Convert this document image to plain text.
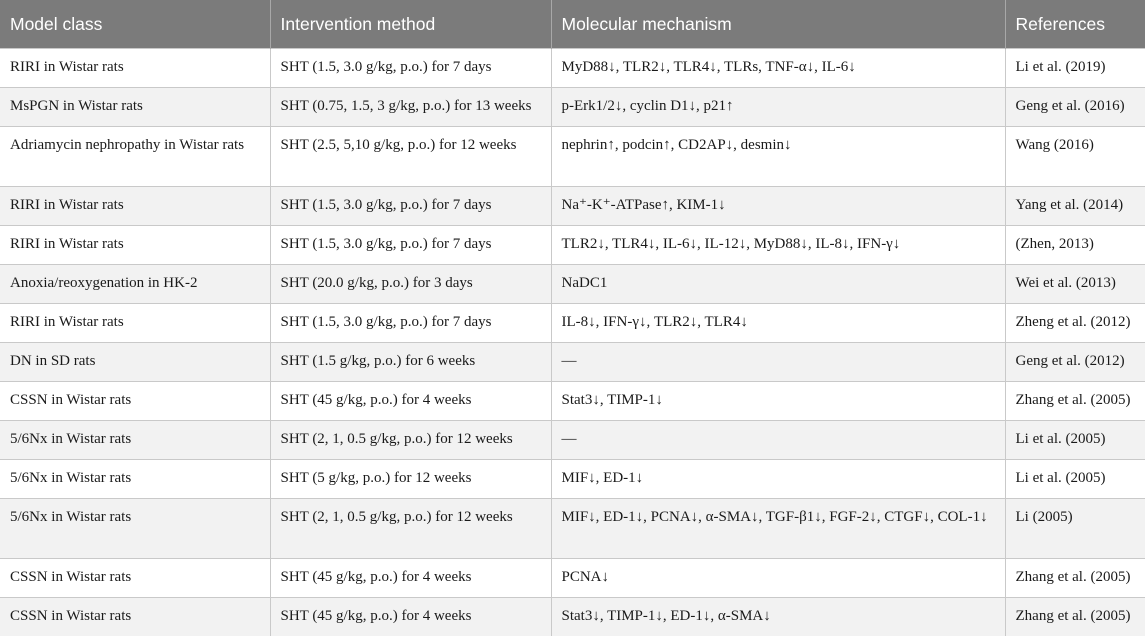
Model class	Intervention method	Molecular mechanism	References
RIRI in Wistar rats	SHT (1.5, 3.0 g/kg, p.o.) for 7 days	MyD88↓, TLR2↓, TLR4↓, TLRs, TNF-α↓, IL-6↓	Li et al. (2019)
MsPGN in Wistar rats	SHT (0.75, 1.5, 3 g/kg, p.o.) for 13 weeks	p-Erk1/2↓, cyclin D1↓, p21↑	Geng et al. (2016)
Adriamycin nephropathy in Wistar rats	SHT (2.5, 5,10 g/kg, p.o.) for 12 weeks	nephrin↑, podcin↑, CD2AP↓, desmin↓	Wang (2016)
RIRI in Wistar rats	SHT (1.5, 3.0 g/kg, p.o.) for 7 days	Na⁺-K⁺-ATPase↑, KIM-1↓	Yang et al. (2014)
RIRI in Wistar rats	SHT (1.5, 3.0 g/kg, p.o.) for 7 days	TLR2↓, TLR4↓, IL-6↓, IL-12↓, MyD88↓, IL-8↓, IFN-γ↓	(Zhen, 2013)
Anoxia/reoxygenation in HK-2	SHT (20.0 g/kg, p.o.) for 3 days	NaDC1	Wei et al. (2013)
RIRI in Wistar rats	SHT (1.5, 3.0 g/kg, p.o.) for 7 days	IL-8↓, IFN-γ↓, TLR2↓, TLR4↓	Zheng et al. (2012)
DN in SD rats	SHT (1.5 g/kg, p.o.) for 6 weeks	—	Geng et al. (2012)
CSSN in Wistar rats	SHT (45 g/kg, p.o.) for 4 weeks	Stat3↓, TIMP-1↓	Zhang et al. (2005)
5/6Nx in Wistar rats	SHT (2, 1, 0.5 g/kg, p.o.) for 12 weeks	—	Li et al. (2005)
5/6Nx in Wistar rats	SHT (5 g/kg, p.o.) for 12 weeks	MIF↓, ED-1↓	Li et al. (2005)
5/6Nx in Wistar rats	SHT (2, 1, 0.5 g/kg, p.o.) for 12 weeks	MIF↓, ED-1↓, PCNA↓, α-SMA↓, TGF-β1↓, FGF-2↓, CTGF↓, COL-1↓	Li (2005)
CSSN in Wistar rats	SHT (45 g/kg, p.o.) for 4 weeks	PCNA↓	Zhang et al. (2005)
CSSN in Wistar rats	SHT (45 g/kg, p.o.) for 4 weeks	Stat3↓, TIMP-1↓, ED-1↓, α-SMA↓	Zhang et al. (2005)
